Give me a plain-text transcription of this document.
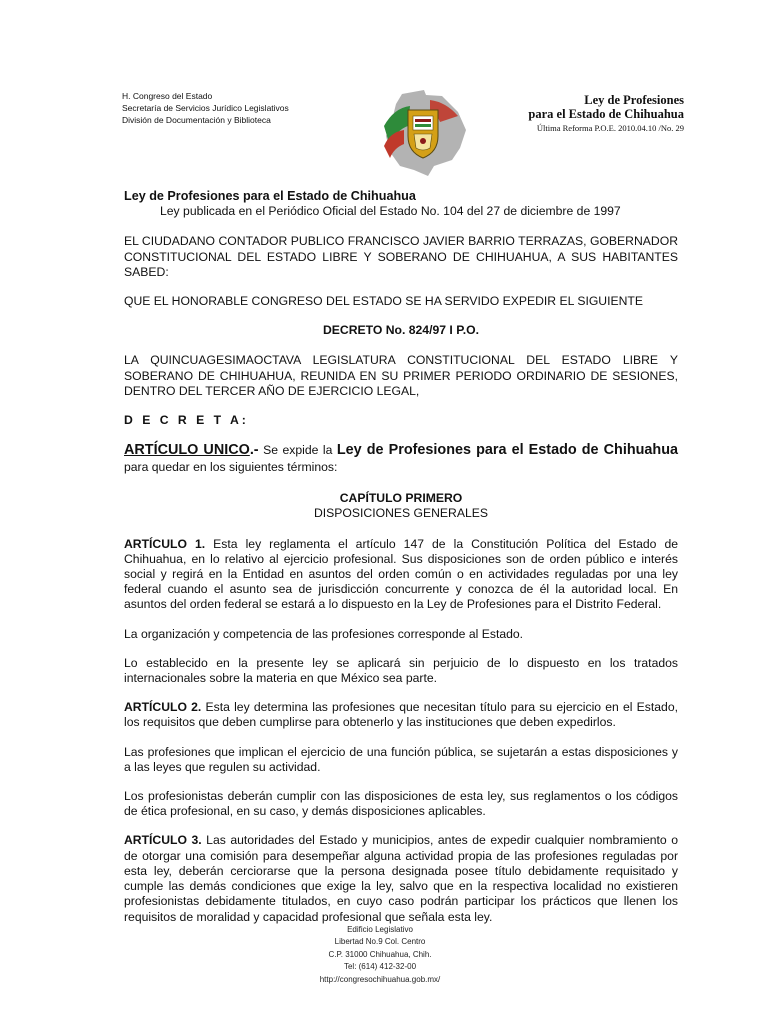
H. Congreso del Estado
Secretaría de Servicios Jurídico Legislativos
División de Documentación y Biblioteca
Ley de Profesiones
para el Estado de Chihuahua
Última Reforma P.O.E. 2010.04.10 /No. 29

Ley de Profesiones para el Estado de Chihuahua

Ley publicada en el Periódico Oficial del Estado No. 104 del 27 de diciembre de 1997

EL CIUDADANO CONTADOR PUBLICO FRANCISCO JAVIER BARRIO TERRAZAS, GOBERNADOR CONSTITUCIONAL DEL ESTADO LIBRE Y SOBERANO DE CHIHUAHUA, A SUS HABITANTES SABED:

QUE EL HONORABLE CONGRESO DEL ESTADO SE HA SERVIDO EXPEDIR EL SIGUIENTE

DECRETO No. 824/97 I P.O.

LA QUINCUAGESIMAOCTAVA LEGISLATURA CONSTITUCIONAL DEL ESTADO LIBRE Y SOBERANO DE CHIHUAHUA, REUNIDA EN SU PRIMER PERIODO ORDINARIO DE SESIONES, DENTRO DEL TERCER AÑO DE EJERCICIO LEGAL,

D E C R E T A:

ARTÍCULO UNICO.- Se expide la Ley de Profesiones para el Estado de Chihuahua para quedar en los siguientes términos:

CAPÍTULO PRIMERO

DISPOSICIONES GENERALES

ARTÍCULO 1. Esta ley reglamenta el artículo 147 de la Constitución Política del Estado de Chihuahua, en lo relativo al ejercicio profesional. Sus disposiciones son de orden público e interés social y regirá en la Entidad en asuntos del orden común o en actividades reguladas por una ley federal cuando el asunto sea de jurisdicción concurrente y conozca de él la autoridad local. En asuntos del orden federal se estará a lo dispuesto en la Ley de Profesiones para el Distrito Federal.

La organización y competencia de las profesiones corresponde al Estado.

Lo establecido en la presente ley se aplicará sin perjuicio de lo dispuesto en los tratados internacionales sobre la materia en que México sea parte.

ARTÍCULO 2. Esta ley determina las profesiones que necesitan título para su ejercicio en el Estado, los requisitos que deben cumplirse para obtenerlo y las instituciones que deben expedirlos.

Las profesiones que implican el ejercicio de una función pública, se sujetarán a estas disposiciones y a las leyes que regulen su actividad.

Los profesionistas deberán cumplir con las disposiciones de esta ley, sus reglamentos o los códigos de ética profesional, en su caso, y demás disposiciones aplicables.

ARTÍCULO 3. Las autoridades del Estado y municipios, antes de expedir cualquier nombramiento o de otorgar una comisión para desempeñar alguna actividad propia de las profesiones reguladas por esta ley, deberán cerciorarse que la persona designada posee título debidamente requisitado y cumple las demás condiciones que exige la ley, salvo que en la respectiva localidad no existieren profesionistas debidamente titulados, en cuyo caso podrán participar los prácticos que llenen los requisitos de moralidad y capacidad profesional que señala esta ley.

Edificio Legislativo
Libertad No.9 Col. Centro
C.P. 31000 Chihuahua, Chih.
Tel: (614) 412-32-00
http://congresochihuahua.gob.mx/
